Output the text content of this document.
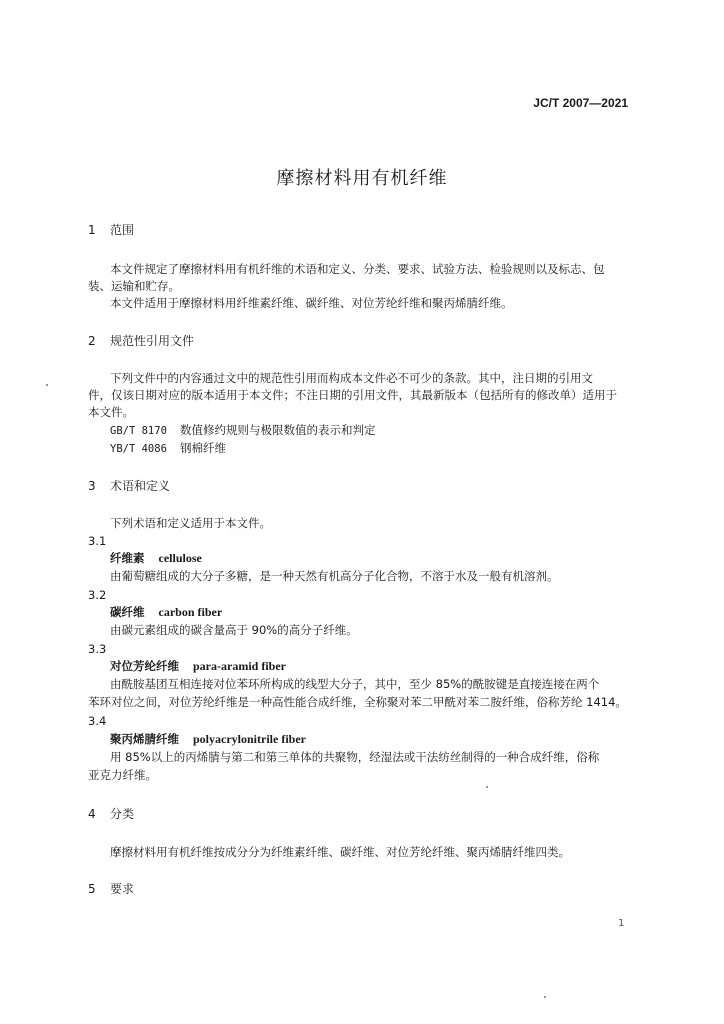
JC/T 2007—2021
摩擦材料用有机纤维
1 范围
本文件规定了摩擦材料用有机纤维的术语和定义、分类、要求、试验方法、检验规则以及标志、包
装、运输和贮存。
本文件适用于摩擦材料用纤维素纤维、碳纤维、对位芳纶纤维和聚丙烯腈纤维。
2 规范性引用文件
下列文件中的内容通过文中的规范性引用而构成本文件必不可少的条款。其中，注日期的引用文
件，仅该日期对应的版本适用于本文件；不注日期的引用文件，其最新版本（包括所有的修改单）适用于
本文件。
GB/T 8170 数值修约规则与极限数值的表示和判定
YB/T 4086 钢棉纤维
3 术语和定义
下列术语和定义适用于本文件。
3.1
纤维素 cellulose
由葡萄糖组成的大分子多糖，是一种天然有机高分子化合物，不溶于水及一般有机溶剂。
3.2
碳纤维 carbon fiber
由碳元素组成的碳含量高于 90%的高分子纤维。
3.3
对位芳纶纤维 para-aramid fiber
由酰胺基团互相连接对位苯环所构成的线型大分子，其中，至少 85%的酰胺键是直接连接在两个
苯环对位之间，对位芳纶纤维是一种高性能合成纤维，全称聚对苯二甲酰对苯二胺纤维，俗称芳纶 1414。
3.4
聚丙烯腈纤维 polyacrylonitrile fiber
用 85%以上的丙烯腈与第二和第三单体的共聚物，经湿法或干法纺丝制得的一种合成纤维，俗称
亚克力纤维。
4 分类
摩擦材料用有机纤维按成分分为纤维素纤维、碳纤维、对位芳纶纤维、聚丙烯腈纤维四类。
5 要求
1
